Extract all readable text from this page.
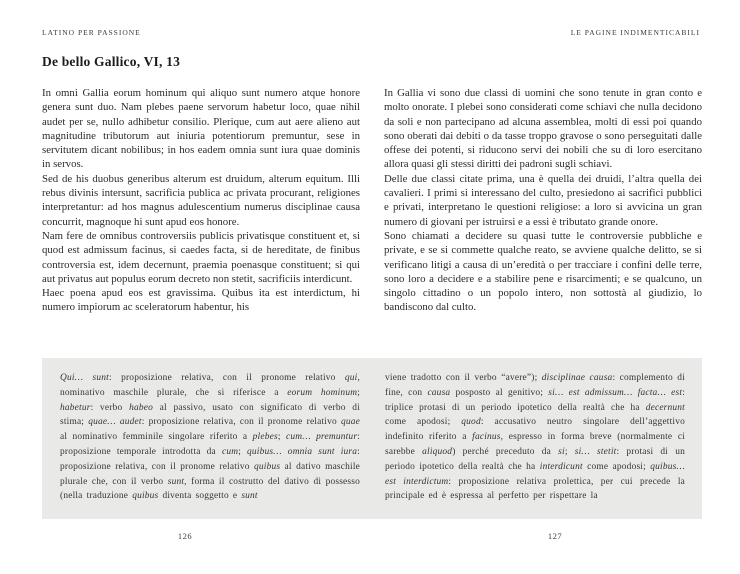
LATINO PER PASSIONE	LE PAGINE INDIMENTICABILI
De bello Gallico, VI, 13

In omni Gallia eorum hominum qui aliquo sunt numero atque honore genera sunt duo. Nam plebes paene servorum habetur loco, quae nihil audet per se, nullo adhibetur consilio. Plerique, cum aut aere alieno aut magnitudine tributorum aut iniuria potentiorum premuntur, sese in servitutem dicant nobilibus; in hos eadem omnia sunt iura quae dominis in servos.

Sed de his duobus generibus alterum est druidum, alterum equitum. Illi rebus divinis intersunt, sacrificia publica ac privata procurant, religiones interpretantur: ad hos magnus adulescentium numerus disciplinae causa concurrit, magnoque hi sunt apud eos honore.

Nam fere de omnibus controversiis publicis privatisque constituent et, si quod est admissum facinus, si caedes facta, si de hereditate, de finibus controversia est, idem decernunt, praemia poenasque constituent; si qui aut privatus aut populus eorum decreto non stetit, sacrificiis interdicunt.

Haec poena apud eos est gravissima. Quibus ita est interdictum, hi numero impiorum ac sceleratorum habentur, his

In Gallia vi sono due classi di uomini che sono tenute in gran conto e molto onorate. I plebei sono considerati come schiavi che nulla decidono da soli e non partecipano ad alcuna assemblea, molti di essi poi quando sono oberati dai debiti o da tasse troppo gravose o sono perseguitati dalle offese dei potenti, si riducono servi dei nobili che su di loro esercitano allora quasi gli stessi diritti dei padroni sugli schiavi.

Delle due classi citate prima, una è quella dei druidi, l’altra quella dei cavalieri. I primi si interessano del culto, presiedono ai sacrifici pubblici e privati, interpretano le questioni religiose: a loro si avvicina un gran numero di giovani per istruirsi e a essi è tributato grande onore.

Sono chiamati a decidere su quasi tutte le controversie pubbliche e private, e se si commette qualche reato, se avviene qualche delitto, se si verificano litigi a causa di un’eredità o per tracciare i confini delle terre, sono loro a decidere e a stabilire pene e risarcimenti; e se qualcuno, un singolo cittadino o un popolo intero, non sottostà al giudizio, lo bandiscono dal culto.

Qui… sunt: proposizione relativa, con il pronome relativo qui, nominativo maschile plurale, che si riferisce a eorum hominum; habetur: verbo habeo al passivo, usato con significato di verbo di stima; quae… audet: proposizione relativa, con il pronome relativo quae al nominativo femminile singolare riferito a plebes; cum… premuntur: proposizione temporale introdotta da cum; quibus… omnia sunt iura: proposizione relativa, con il pronome relativo quibus al dativo maschile plurale che, con il verbo sunt, forma il costrutto del dativo di possesso (nella traduzione quibus diventa soggetto e sunt
viene tradotto con il verbo “avere”); disciplinae causa: complemento di fine, con causa posposto al genitivo; si… est admissum… facta… est: triplice protasi di un periodo ipotetico della realtà che ha decernunt come apodosi; quod: accusativo neutro singolare dell’aggettivo indefinito riferito a facinus, espresso in forma breve (normalmente ci sarebbe aliquod) perché preceduto da si; si… stetit: protasi di un periodo ipotetico della realtà che ha interdicunt come apodosi; quibus… est interdictum: proposizione relativa prolettica, per cui precede la principale ed è espressa al perfetto per rispettare la
126	127
